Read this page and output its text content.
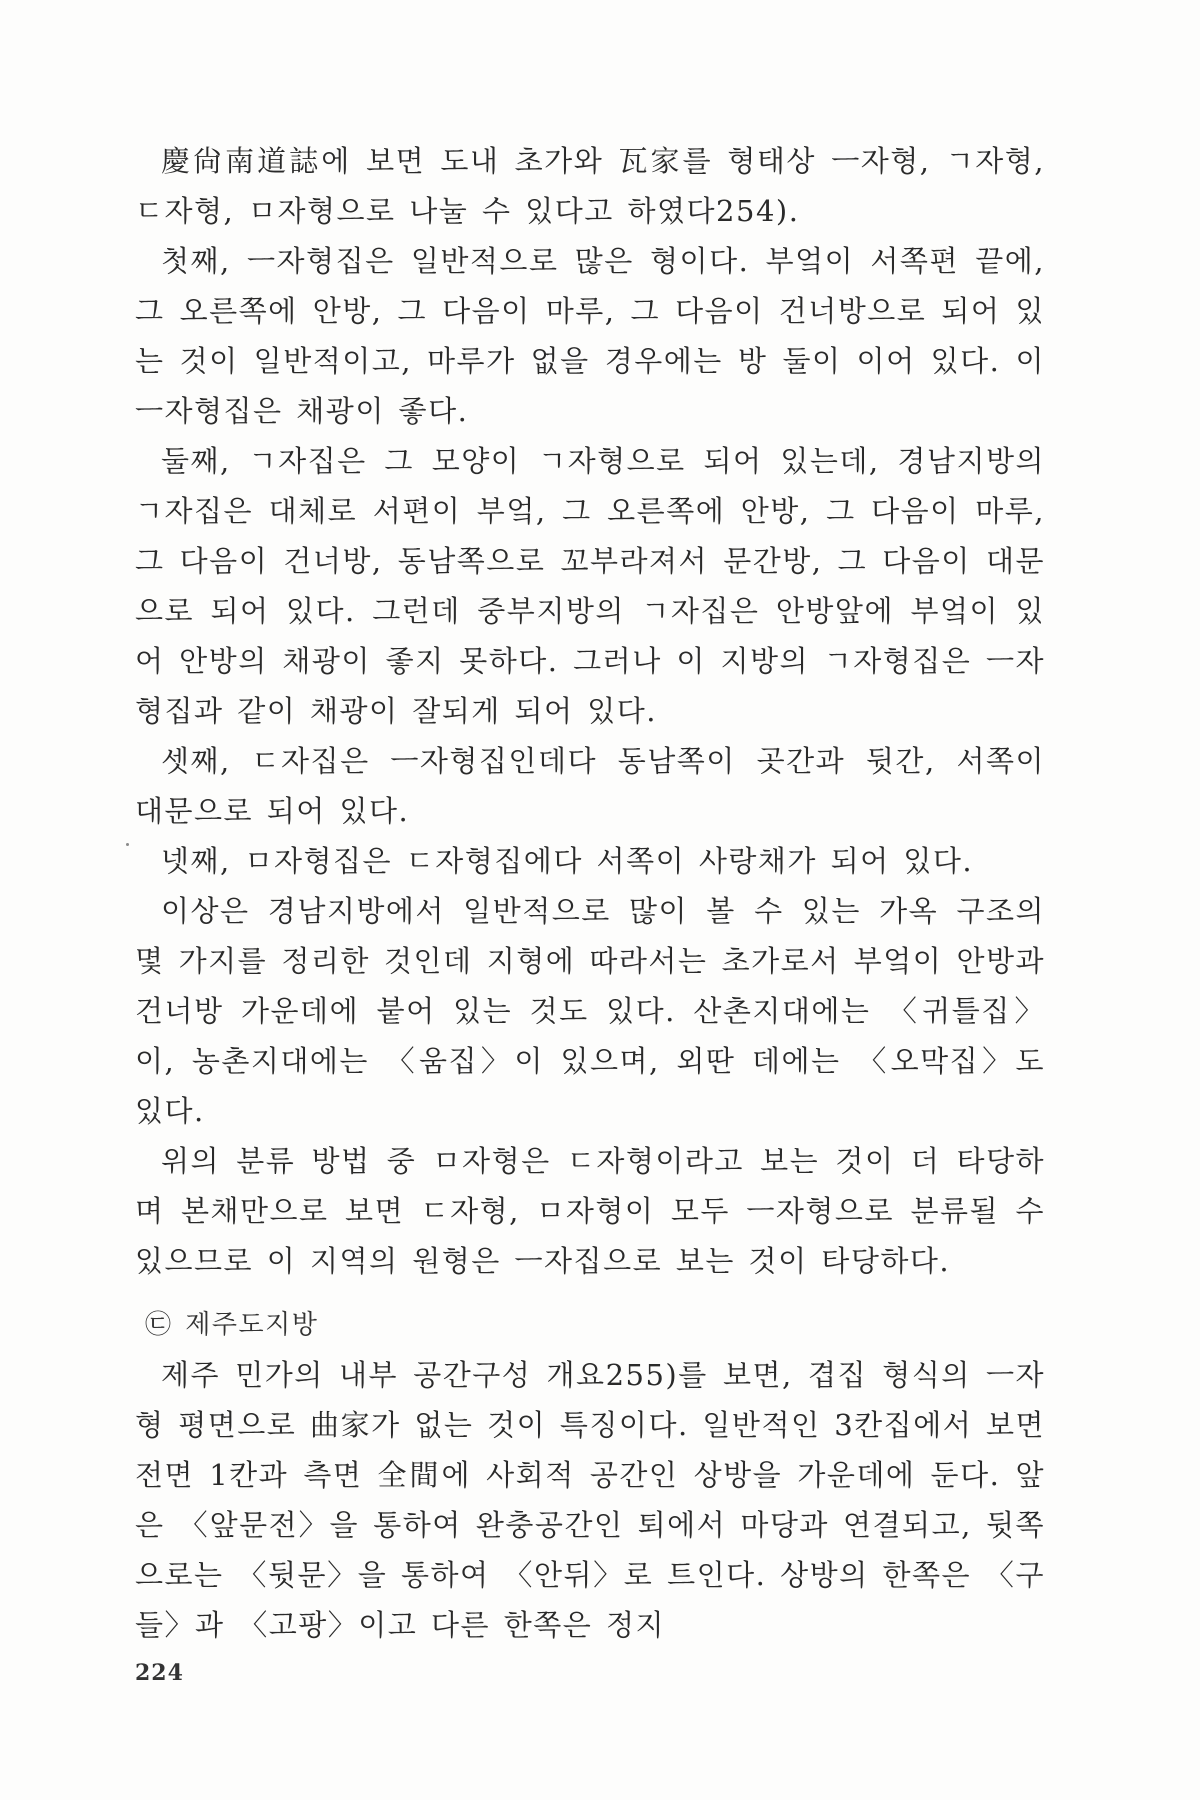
慶尙南道誌에 보면 도내 초가와 瓦家를 형태상 ㅡ자형, ㄱ자형, ㄷ자형, ㅁ자형으로 나눌 수 있다고 하였다254).

첫째, ㅡ자형집은 일반적으로 많은 형이다. 부엌이 서쪽편 끝에, 그 오른쪽에 안방, 그 다음이 마루, 그 다음이 건너방으로 되어 있는 것이 일반적이고, 마루가 없을 경우에는 방 둘이 이어 있다. 이 ㅡ자형집은 채광이 좋다.

둘째, ㄱ자집은 그 모양이 ㄱ자형으로 되어 있는데, 경남지방의 ㄱ자집은 대체로 서편이 부엌, 그 오른쪽에 안방, 그 다음이 마루, 그 다음이 건너방, 동남쪽으로 꼬부라져서 문간방, 그 다음이 대문으로 되어 있다. 그런데 중부지방의 ㄱ자집은 안방앞에 부엌이 있어 안방의 채광이 좋지 못하다. 그러나 이 지방의 ㄱ자형집은 ㅡ자형집과 같이 채광이 잘되게 되어 있다.

셋째, ㄷ자집은 ㅡ자형집인데다 동남쪽이 곳간과 뒷간, 서쪽이 대문으로 되어 있다.

넷째, ㅁ자형집은 ㄷ자형집에다 서쪽이 사랑채가 되어 있다.

이상은 경남지방에서 일반적으로 많이 볼 수 있는 가옥 구조의 몇 가지를 정리한 것인데 지형에 따라서는 초가로서 부엌이 안방과 건너방 가운데에 붙어 있는 것도 있다. 산촌지대에는 〈귀틀집〉이, 농촌지대에는 〈움집〉이 있으며, 외딴 데에는 〈오막집〉도 있다.

위의 분류 방법 중 ㅁ자형은 ㄷ자형이라고 보는 것이 더 타당하며 본채만으로 보면 ㄷ자형, ㅁ자형이 모두 ㅡ자형으로 분류될 수 있으므로 이 지역의 원형은 ㅡ자집으로 보는 것이 타당하다.

㉢ 제주도지방

제주 민가의 내부 공간구성 개요255)를 보면, 겹집 형식의 ㅡ자형 평면으로 曲家가 없는 것이 특징이다. 일반적인 3칸집에서 보면 전면 1칸과 측면 全間에 사회적 공간인 상방을 가운데에 둔다. 앞은 〈앞문전〉을 통하여 완충공간인 퇴에서 마당과 연결되고, 뒷쪽으로는 〈뒷문〉을 통하여 〈안뒤〉로 트인다. 상방의 한쪽은 〈구들〉과 〈고팡〉이고 다른 한쪽은 정지

224
